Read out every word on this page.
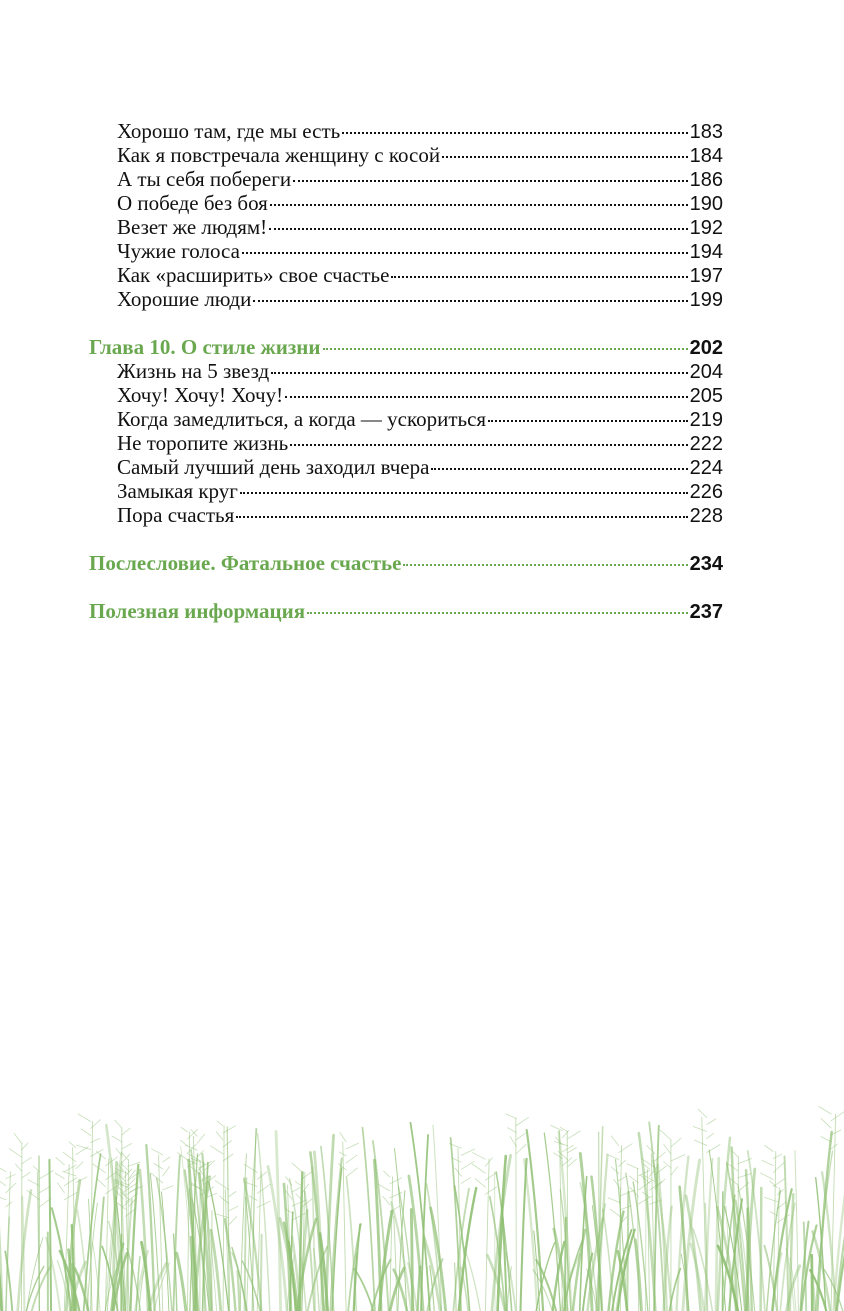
Хорошо там, где мы есть	183
Как я повстречала женщину с косой	184
А ты себя побереги	186
О победе без боя	190
Везет же людям!	192
Чужие голоса	194
Как «расширить» свое счастье	197
Хорошие люди	199
Глава 10. О стиле жизни	202
Жизнь на 5 звезд	204
Хочу! Хочу! Хочу!	205
Когда замедлиться, а когда — ускориться	219
Не торопите жизнь	222
Самый лучший день заходил вчера	224
Замыкая круг	226
Пора счастья	228
Послесловие. Фатальное счастье	234
Полезная информация	237
